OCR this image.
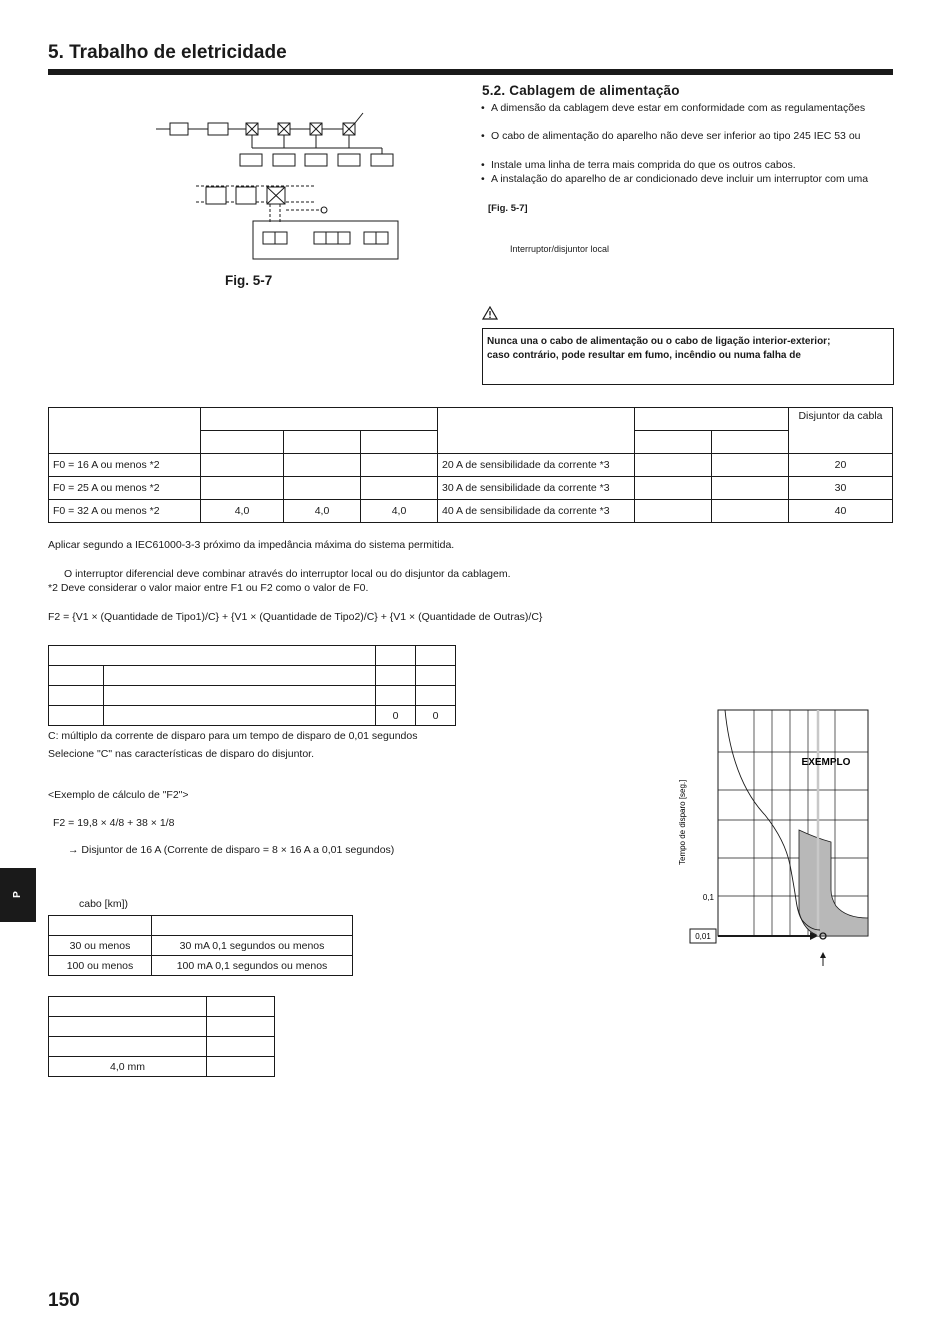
5. Trabalho de eletricidade
Fig. 5-7
5.2. Cablagem de alimentação
• A dimensão da cablagem deve estar em conformidade com as regulamentações
• O cabo de alimentação do aparelho não deve ser inferior ao tipo 245 IEC 53 ou
• Instale uma linha de terra mais comprida do que os outros cabos.
• A instalação do aparelho de ar condicionado deve incluir um interruptor com uma
[Fig. 5-7]
Interruptor/disjuntor local
Nunca una o cabo de alimentação ou o cabo de ligação interior-exterior;
caso contrário, pode resultar em fumo, incêndio ou numa falha de
							Disjuntor da cabla

F0 = 16 A ou menos *2				20 A de sensibilidade da corrente *3			20
F0 = 25 A ou menos *2				30 A de sensibilidade da corrente *3			30
F0 = 32 A ou menos *2	4,0	4,0	4,0	40 A de sensibilidade da corrente *3			40
Aplicar segundo a IEC61000-3-3 próximo da impedância máxima do sistema permitida.
O interruptor diferencial deve combinar através do interruptor local ou do disjuntor da cablagem.
*2 Deve considerar o valor maior entre F1 ou F2 como o valor de F0.
F2 = {V1 × (Quantidade de Tipo1)/C} + {V1 × (Quantidade de Tipo2)/C} + {V1 × (Quantidade de Outras)/C}

		0	0
C: múltiplo da corrente de disparo para um tempo de disparo de 0,01 segundos
Selecione "C" nas características de disparo do disjuntor.
<Exemplo de cálculo de "F2">
F2 = 19,8 × 4/8 + 38 × 1/8
→ Disjuntor de 16 A (Corrente de disparo = 8 × 16 A a 0,01 segundos)
EXEMPLO
0,1
0,01
Tempo de disparo [seg.]
P
cabo [km])

30 ou menos	30 mA 0,1 segundos ou menos
100 ou menos	100 mA 0,1 segundos ou menos

4,0 mm	
150
